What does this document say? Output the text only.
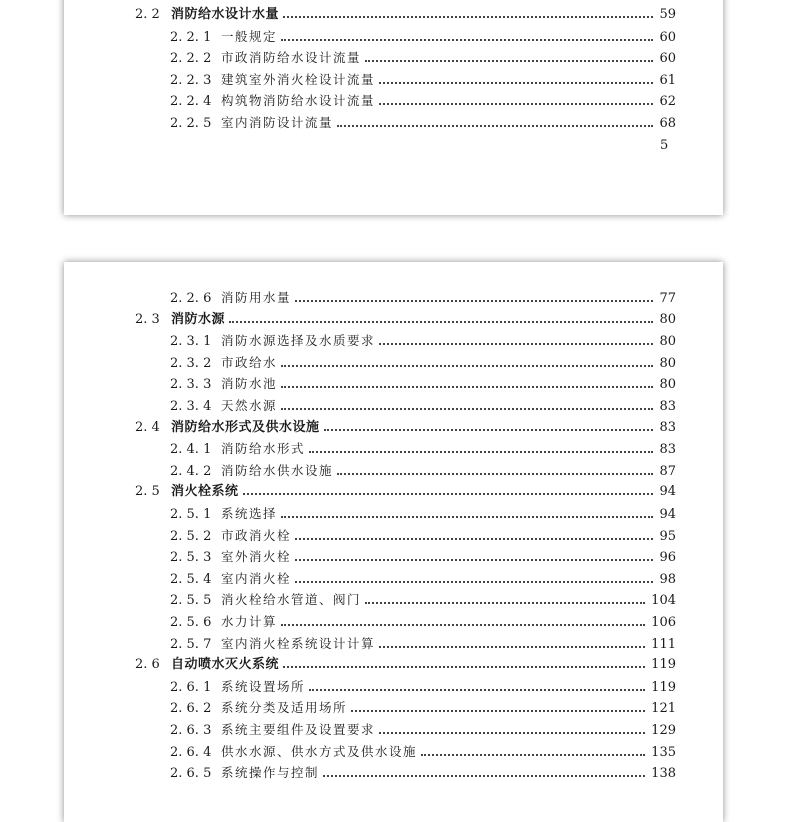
2. 2 消防给水设计水量	59
2. 2. 1 一般规定	60
2. 2. 2 市政消防给水设计流量	60
2. 2. 3 建筑室外消火栓设计流量	61
2. 2. 4 构筑物消防给水设计流量	62
2. 2. 5 室内消防设计流量	68
5
2. 2. 6 消防用水量	77
2. 3 消防水源	80
2. 3. 1 消防水源选择及水质要求	80
2. 3. 2 市政给水	80
2. 3. 3 消防水池	80
2. 3. 4 天然水源	83
2. 4 消防给水形式及供水设施	83
2. 4. 1 消防给水形式	83
2. 4. 2 消防给水供水设施	87
2. 5 消火栓系统	94
2. 5. 1 系统选择	94
2. 5. 2 市政消火栓	95
2. 5. 3 室外消火栓	96
2. 5. 4 室内消火栓	98
2. 5. 5 消火栓给水管道、阀门	104
2. 5. 6 水力计算	106
2. 5. 7 室内消火栓系统设计计算	111
2. 6 自动喷水灭火系统	119
2. 6. 1 系统设置场所	119
2. 6. 2 系统分类及适用场所	121
2. 6. 3 系统主要组件及设置要求	129
2. 6. 4 供水水源、供水方式及供水设施	135
2. 6. 5 系统操作与控制	138
